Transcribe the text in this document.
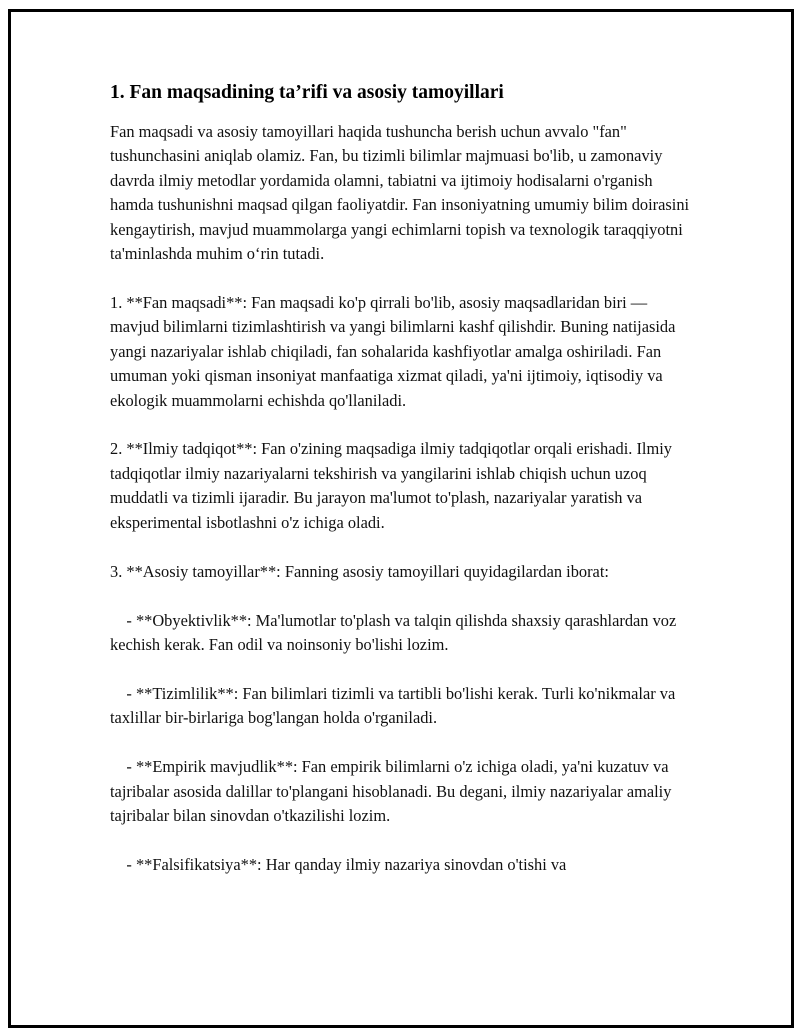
1. Fan maqsadining ta’rifi va asosiy tamoyillari

Fan maqsadi va asosiy tamoyillari haqida tushuncha berish uchun avvalo "fan" tushunchasini aniqlab olamiz. Fan, bu tizimli bilimlar majmuasi bo'lib, u zamonaviy davrda ilmiy metodlar yordamida olamni, tabiatni va ijtimoiy hodisalarni o'rganish hamda tushunishni maqsad qilgan faoliyatdir. Fan insoniyatning umumiy bilim doirasini kengaytirish, mavjud muammolarga yangi echimlarni topish va texnologik taraqqiyotni ta'minlashda muhim o‘rin tutadi.

1. **Fan maqsadi**: Fan maqsadi ko'p qirrali bo'lib, asosiy maqsadlaridan biri — mavjud bilimlarni tizimlashtirish va yangi bilimlarni kashf qilishdir. Buning natijasida yangi nazariyalar ishlab chiqiladi, fan sohalarida kashfiyotlar amalga oshiriladi. Fan umuman yoki qisman insoniyat manfaatiga xizmat qiladi, ya'ni ijtimoiy, iqtisodiy va ekologik muammolarni echishda qo'llaniladi.

2. **Ilmiy tadqiqot**: Fan o'zining maqsadiga ilmiy tadqiqotlar orqali erishadi. Ilmiy tadqiqotlar ilmiy nazariyalarni tekshirish va yangilarini ishlab chiqish uchun uzoq muddatli va tizimli ijaradir. Bu jarayon ma'lumot to'plash, nazariyalar yaratish va eksperimental isbotlashni o'z ichiga oladi.

3. **Asosiy tamoyillar**: Fanning asosiy tamoyillari quyidagilardan iborat:

- **Obyektivlik**: Ma'lumotlar to'plash va talqin qilishda shaxsiy qarashlardan voz kechish kerak. Fan odil va noinsoniy bo'lishi lozim.

- **Tizimlilik**: Fan bilimlari tizimli va tartibli bo'lishi kerak. Turli ko'nikmalar va taxlillar bir-birlariga bog'langan holda o'rganiladi.

- **Empirik mavjudlik**: Fan empirik bilimlarni o'z ichiga oladi, ya'ni kuzatuv va tajribalar asosida dalillar to'plangani hisoblanadi. Bu degani, ilmiy nazariyalar amaliy tajribalar bilan sinovdan o'tkazilishi lozim.

- **Falsifikatsiya**: Har qanday ilmiy nazariya sinovdan o'tishi va
